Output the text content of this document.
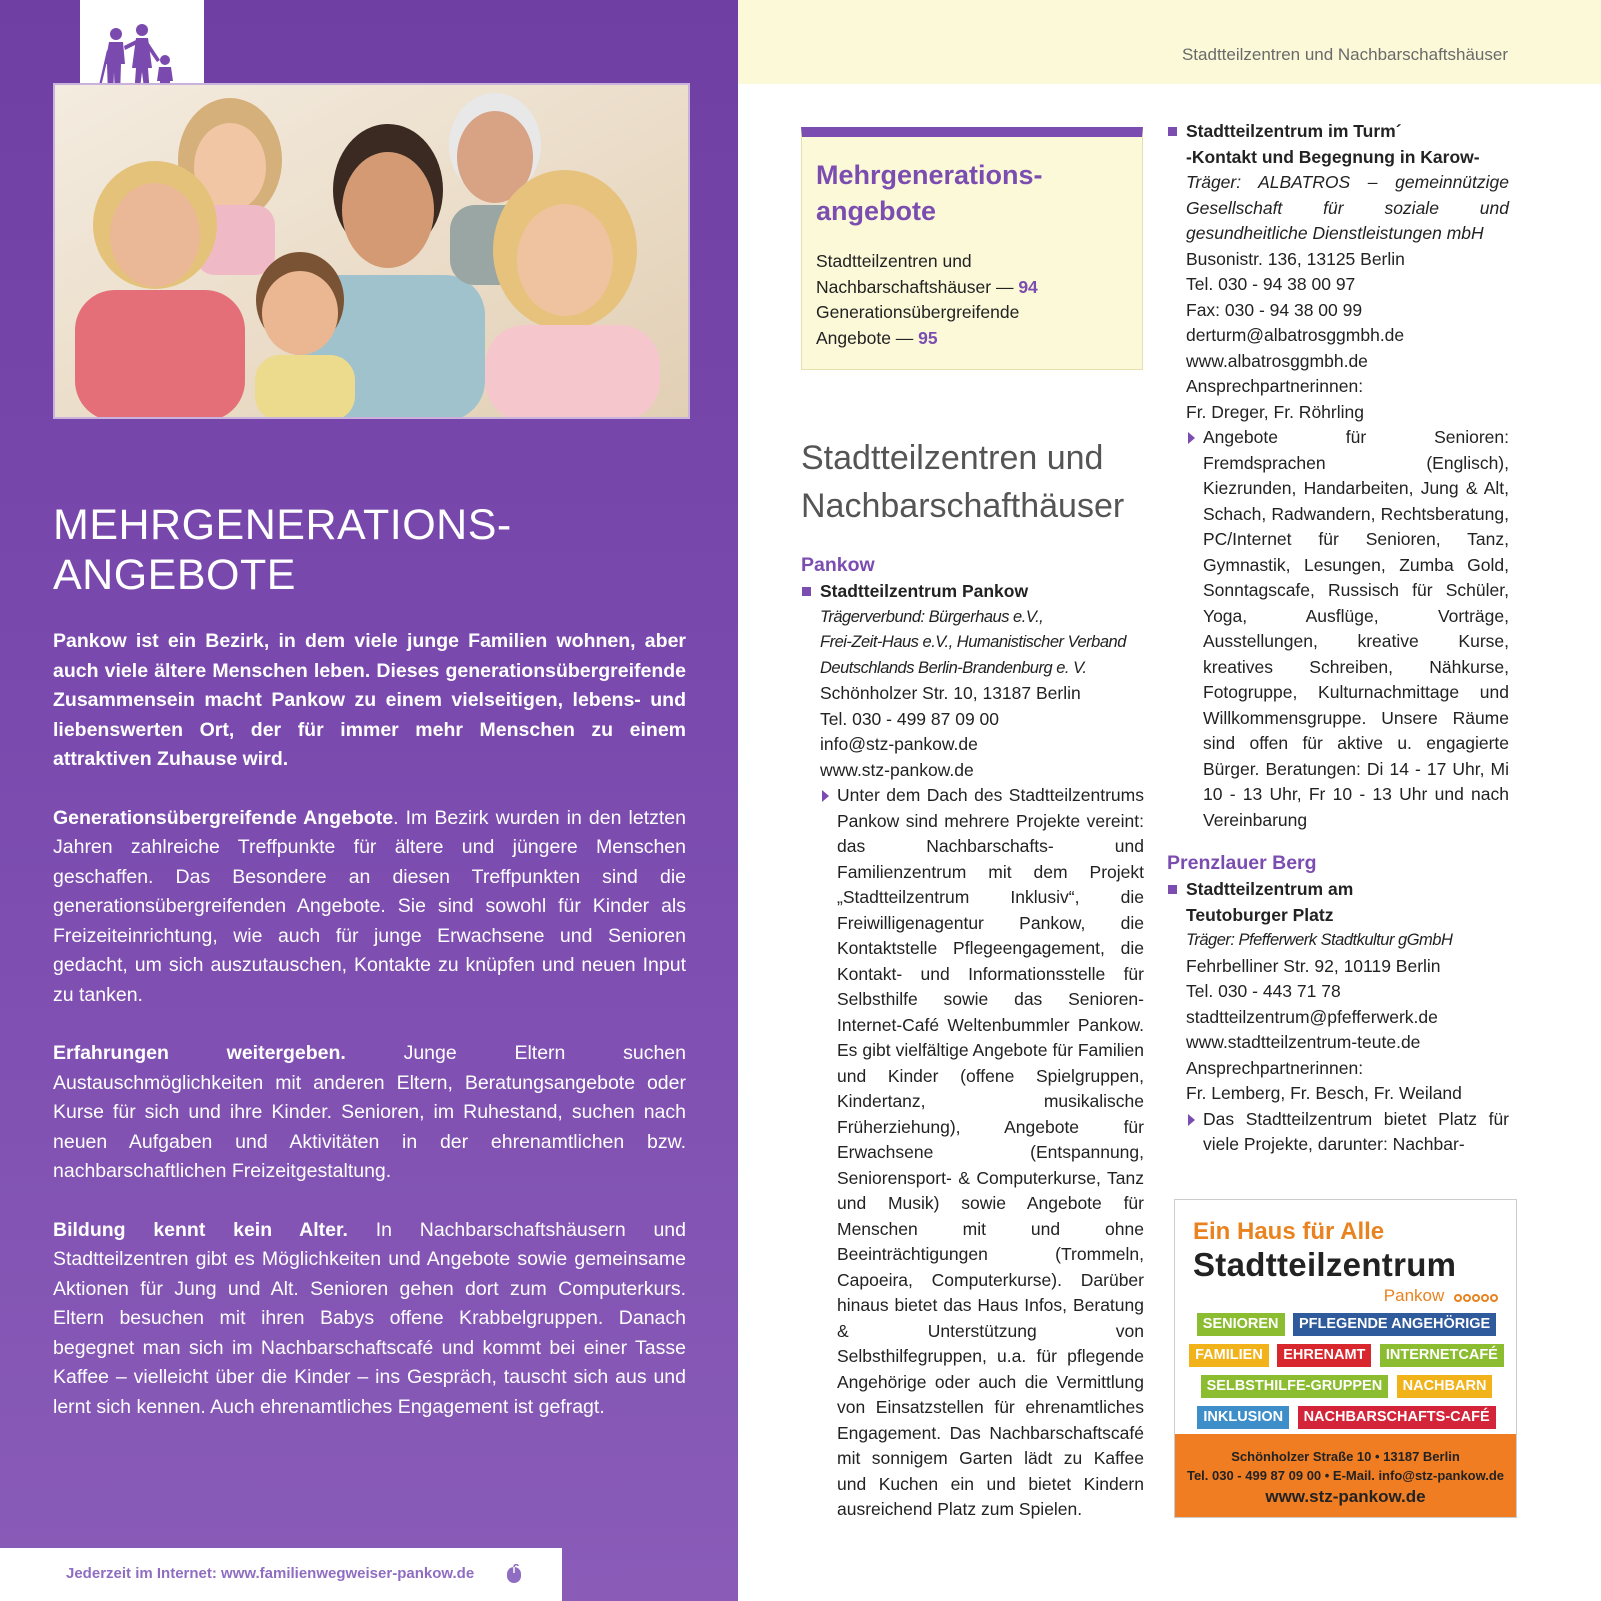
MEHRGENERATIONS-
ANGEBOTE

Pankow ist ein Bezirk, in dem viele junge Familien wohnen, aber auch viele ältere Menschen leben. Dieses generationsübergreifende Zusammensein macht Pankow zu einem vielseitigen, lebens- und liebenswerten Ort, der für immer mehr Menschen zu einem attraktiven Zuhause wird.

Generationsübergreifende Angebote. Im Bezirk wurden in den letzten Jahren zahlreiche Treffpunkte für ältere und jüngere Menschen geschaffen. Das Besondere an diesen Treffpunkten sind die generationsübergreifenden Angebote. Sie sind sowohl für Kinder als Freizeiteinrichtung, wie auch für junge Erwachsene und Senioren gedacht, um sich auszutauschen, Kontakte zu knüpfen und neuen Input zu tanken.

Erfahrungen weitergeben. Junge Eltern suchen Austauschmöglichkeiten mit anderen Eltern, Beratungsangebote oder Kurse für sich und ihre Kinder. Senioren, im Ruhestand, suchen nach neuen Aufgaben und Aktivitäten in der ehrenamtlichen bzw. nachbarschaftlichen Freizeitgestaltung.

Bildung kennt kein Alter. In Nachbarschaftshäusern und Stadtteilzentren gibt es Möglichkeiten und Angebote sowie gemeinsame Aktionen für Jung und Alt. Senioren gehen dort zum Computerkurs. Eltern besuchen mit ihren Babys offene Krabbelgruppen. Danach begegnet man sich im Nachbarschaftscafé und kommt bei einer Tasse Kaffee – vielleicht über die Kinder – ins Gespräch, tauscht sich aus und lernt sich kennen. Auch ehrenamtliches Engagement ist gefragt.

Jederzeit im Internet: www.familienwegweiser-pankow.de
Stadtteilzentren und Nachbarschaftshäuser
Mehrgenerations-
angebote
Stadtteilzentren und
Nachbarschaftshäuser — 94
Generationsübergreifende
Angebote — 95
Stadtteilzentren und
Nachbarschafthäuser
Pankow
Stadtteilzentrum Pankow
Trägerverbund: Bürgerhaus e.V.,
Frei-Zeit-Haus e.V., Humanistischer Verband
Deutschlands Berlin-Brandenburg e. V.
Schönholzer Str. 10, 13187 Berlin
Tel. 030 - 499 87 09 00
info@stz-pankow.de
www.stz-pankow.de
Unter dem Dach des Stadtteilzentrums Pankow sind mehrere Projekte vereint: das Nachbarschafts- und Familienzentrum mit dem Projekt „Stadtteilzentrum Inklusiv“, die Freiwilligenagentur Pankow, die Kontaktstelle Pflegeengagement, die Kontakt- und Informationsstelle für Selbsthilfe sowie das Senioren-Internet-Café Weltenbummler Pankow. Es gibt vielfältige Angebote für Familien und Kinder (offene Spielgruppen, Kindertanz, musikalische Früherziehung), Angebote für Erwachsene (Entspannung, Seniorensport- & Computerkurse, Tanz und Musik) sowie Angebote für Menschen mit und ohne Beeinträchtigungen (Trommeln, Capoeira, Computerkurse). Darüber hinaus bietet das Haus Infos, Beratung & Unterstützung von Selbsthilfegruppen, u.a. für pflegende Angehörige oder auch die Vermittlung von Einsatzstellen für ehrenamtliches Engagement. Das Nachbarschaftscafé mit sonnigem Garten lädt zu Kaffee und Kuchen ein und bietet Kindern ausreichend Platz zum Spielen.
Stadtteilzentrum im Turm´
-Kontakt und Begegnung in Karow-
Träger: ALBATROS – gemeinnützige Gesellschaft für soziale und gesundheitliche Dienstleistungen mbH
Busonistr. 136, 13125 Berlin
Tel. 030 - 94 38 00 97
Fax: 030 - 94 38 00 99
derturm@albatrosggmbh.de
www.albatrosggmbh.de
Ansprechpartnerinnen:
Fr. Dreger, Fr. Röhrling
Angebote für Senioren: Fremdsprachen (Englisch), Kiezrunden, Handarbeiten, Jung & Alt, Schach, Radwandern, Rechtsberatung, PC/Internet für Senioren, Tanz, Gymnastik, Lesungen, Zumba Gold, Sonntagscafe, Russisch für Schüler, Yoga, Ausflüge, Vorträge, Ausstellungen, kreative Kurse, kreatives Schreiben, Nähkurse, Fotogruppe, Kulturnachmittage und Willkommensgruppe. Unsere Räume sind offen für aktive u. engagierte Bürger. Beratungen: Di 14 - 17 Uhr, Mi 10 - 13 Uhr, Fr 10 - 13 Uhr und nach Vereinbarung
Prenzlauer Berg
Stadtteilzentrum am
Teutoburger Platz
Träger: Pfefferwerk Stadtkultur gGmbH
Fehrbelliner Str. 92, 10119 Berlin
Tel. 030 - 443 71 78
stadtteilzentrum@pfefferwerk.de
www.stadtteilzentrum-teute.de
Ansprechpartnerinnen:
Fr. Lemberg, Fr. Besch, Fr. Weiland
Das Stadtteilzentrum bietet Platz für viele Projekte, darunter: Nachbar-
Ein Haus für Alle
Stadtteilzentrum
Pankow
SENIOREN PFLEGENDE ANGEHÖRIGE
FAMILIEN EHRENAMT INTERNETCAFÉ
SELBSTHILFE-GRUPPEN NACHBARN
INKLUSION NACHBARSCHAFTS-CAFÉ
Schönholzer Straße 10 • 13187 Berlin
Tel. 030 - 499 87 09 00 • E-Mail. info@stz-pankow.de
www.stz-pankow.de
